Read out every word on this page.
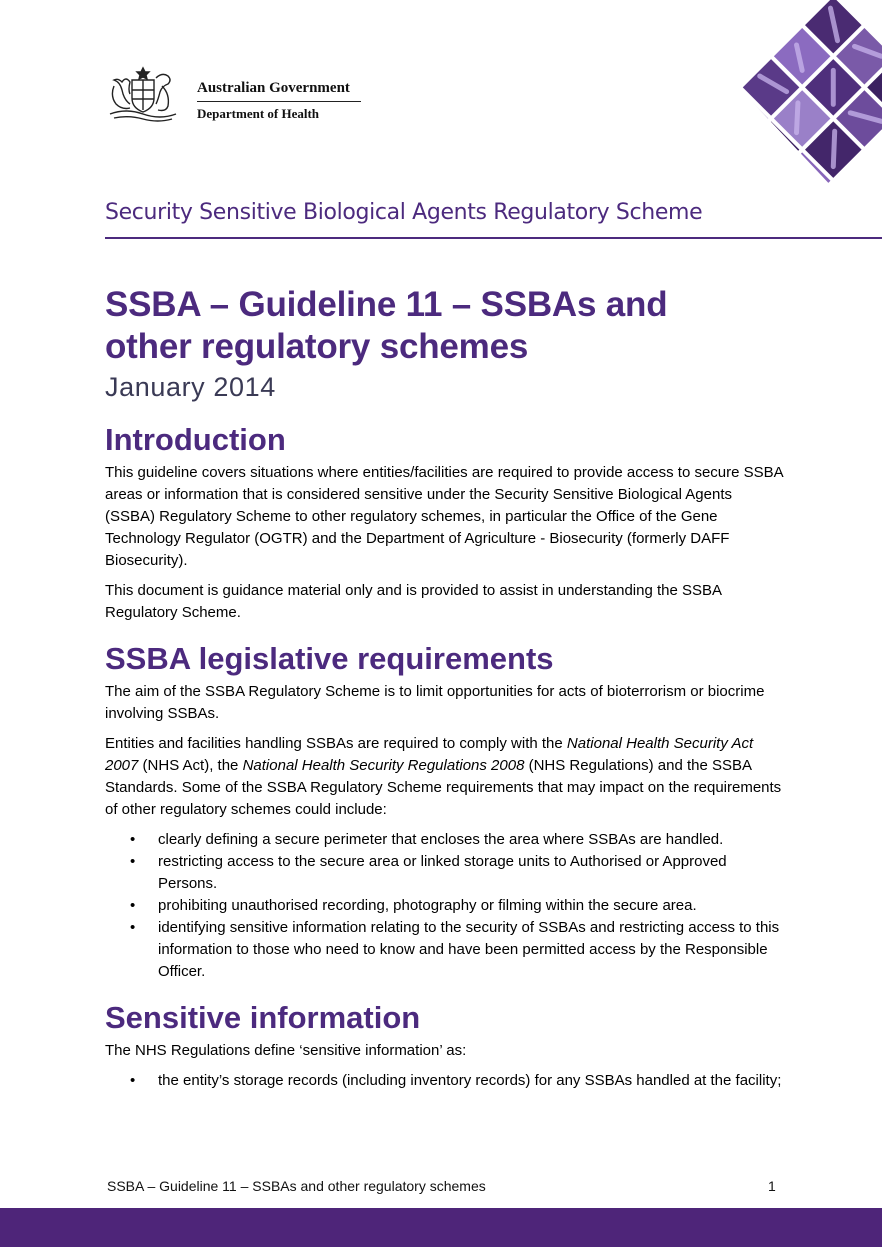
Australian Government
Department of Health
Security Sensitive Biological Agents Regulatory Scheme
SSBA – Guideline 11 – SSBAs and
other regulatory schemes
January 2014
Introduction

This guideline covers situations where entities/facilities are required to provide access to secure SSBA areas or information that is considered sensitive under the Security Sensitive Biological Agents (SSBA) Regulatory Scheme to other regulatory schemes, in particular the Office of the Gene Technology Regulator (OGTR) and the Department of Agriculture - Biosecurity (formerly DAFF Biosecurity).

This document is guidance material only and is provided to assist in understanding the SSBA Regulatory Scheme.

SSBA legislative requirements

The aim of the SSBA Regulatory Scheme is to limit opportunities for acts of bioterrorism or biocrime involving SSBAs.

Entities and facilities handling SSBAs are required to comply with the National Health Security Act 2007 (NHS Act), the National Health Security Regulations 2008 (NHS Regulations) and the SSBA Standards. Some of the SSBA Regulatory Scheme requirements that may impact on the requirements of other regulatory schemes could include:

• clearly defining a secure perimeter that encloses the area where SSBAs are handled.
• restricting access to the secure area or linked storage units to Authorised or Approved Persons.
• prohibiting unauthorised recording, photography or filming within the secure area.
• identifying sensitive information relating to the security of SSBAs and restricting access to this information to those who need to know and have been permitted access by the Responsible Officer.
Sensitive information

The NHS Regulations define ‘sensitive information’ as:

• the entity’s storage records (including inventory records) for any SSBAs handled at the facility;
SSBA – Guideline 11 – SSBAs and other regulatory schemes	1
